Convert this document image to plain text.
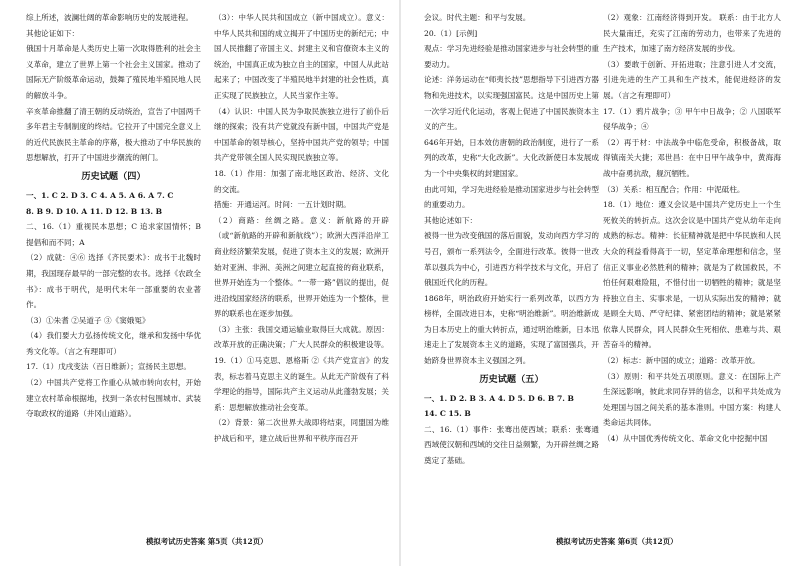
综上所述，波澜壮阔的革命影响历史的发展进程。

其他论证如下：

俄国十月革命是人类历史上第一次取得胜利的社会主义革命，建立了世界上第一个社会主义国家。推动了国际无产阶级革命运动，鼓舞了殖民地半殖民地人民的解放斗争。

辛亥革命推翻了清王朝的反动统治，宣告了中国两千多年君主专制制度的终结。它拉开了中国完全意义上的近代民族民主革命的序幕，极大推动了中华民族的思想解放，打开了中国进步潮流的闸门。

历史试题（四）

一、1. C 2. D 3. C 4. A 5. A 6. A 7. C

8. B 9. D 10. A 11. D 12. B 13. B

二、16.（1）重视民本思想；C 追求家国情怀；B 提倡和而不同；A

（2）成就：④⑥ 选择《齐民要术》：成书于北魏时期，我国现存最早的一部完整的农书。选择《农政全书》：成书于明代，是明代末年一部重要的农业著作。

（3）①朱耆 ②吴道子 ③《窦娥冤》

（4）我们要大力弘扬传统文化，继承和发扬中华优秀文化等。（言之有理即可）

17.（1）戊戌变法（百日维新）；宣扬民主思想。

（2）中国共产党将工作重心从城市转向农村，开始建立农村革命根据地，找到一条农村包围城市、武装夺取政权的道路（井冈山道路）。

（3）：中华人民共和国成立（新中国成立）。意义：中华人民共和国的成立揭开了中国历史的新纪元；中国人民推翻了帝国主义、封建主义和官僚资本主义的统治，中国真正成为独立自主的国家，中国人从此站起来了；中国改变了半殖民地半封建的社会性质，真正实现了民族独立，人民当家作主等。

（4）认识：中国人民为争取民族独立进行了前仆后继的探索；没有共产党就没有新中国，中国共产党是中国革命的领导核心，坚持中国共产党的领导；中国共产党带领全国人民实现民族独立等。

18.（1）作用：加强了南北地区政治、经济、文化的交流。

措施：开通运河。时间：一五计划时期。

（2）商路：丝绸之路。意义：新航路的开辟（或“新航路的开辟和新航线”）；欧洲大西洋沿岸工商业经济繁荣发展，促进了资本主义的发展；欧洲开始对亚洲、非洲、美洲之间建立起直接的商业联系，世界开始连为一个整体。“一带一路”倡议的提出，促进沿线国家经济的联系，世界开始连为一个整体，世界的联系也在逐步加强。

（3）主张：我国交通运输业取得巨大成就。原因：改革开放的正确决策；广大人民群众的积极建设等。

19.（1）①马克思、恩格斯 ②《共产党宣言》的发表，标志着马克思主义的诞生。从此无产阶级有了科学理论的指导，国际共产主义运动从此蓬勃发展；关系：思想解放推动社会变革。

（2）背景：第二次世界大战即将结束，同盟国为维护战后和平，建立战后世界和平秩序而召开

会议。时代主题：和平与发展。

20.（1）[示例]

观点：学习先进经验是推动国家进步与社会转型的重要动力。

论述：洋务运动在“师夷长技”思想指导下引进西方器物和先进技术，以实现强国富民。这是中国历史上第一次学习近代化运动，客观上促进了中国民族资本主义的产生。

646年开始，日本效仿唐朝的政治制度，进行了一系列的改革，史称“大化改新”。大化改新使日本发展成为一个中央集权的封建国家。

由此可知，学习先进经验是推动国家进步与社会转型的重要动力。

其他论述如下：

被得一世为改变俄国的落后面貌，发动向西方学习的号召，颁布一系列法令，全面进行改革。彼得一世改革以强兵为中心，引进西方科学技术与文化，开启了俄国近代化的历程。

1868年，明治政府开始实行一系列改革，以西方为榜样，全面改进日本，史称“明治维新”。明治维新成为日本历史上的重大转折点，通过明治维新，日本迅速走上了发展资本主义的道路，实现了富国强兵，开始跻身世界资本主义强国之列。

历史试题（五）

一、1. D 2. B 3. A 4. D 5. D 6. B 7. B

14. C 15. B

二、16.（1）事件：张骞出使西域；联系：张骞通西域使汉朝和西域的交往日益频繁，为开辟丝绸之路奠定了基础。

（2）观象：江南经济得到开发。 联系：由于北方人民大量南迁，充实了江南的劳动力，也带来了先进的生产技术，加速了南方经济发展的步伐。

（3）要敢于创新、开拓进取；注意引进人才交流，引进先进的生产工具和生产技术，能促进经济的发展。（言之有理即可）

17.（1）鸦片战争；③ 甲午中日战争；② 八国联军侵华战争；④

（2）再于材：中法战争中临危受命，积极备战，取得镇南关大捷；邓世昌：在中日甲午战争中，黄海海战中奋勇抗敌，舰沉牺牲。

（3）关系：相互配合；作用：中泥砥柱。

18.（1）地位：遵义会议是中国共产党历史上一个生死攸关的转折点。这次会议是中国共产党从幼年走向成熟的标志。精神：长征精神就是把中华民族和人民大众的利益看得高于一切，坚定革命理想和信念，坚信正义事业必然胜利的精神；就是为了救国救民，不怕任何艰难险阻，不惜付出一切牺牲的精神；就是坚持独立自主、实事求是，一切从实际出发的精神；就是顾全大局、严守纪律、紧密团结的精神；就是紧紧依靠人民群众，同人民群众生死相依、患难与共、艰苦奋斗的精神。

（2）标志：新中国的成立；道路：改革开放。

（3）原则：和平共处五项原则。意义：在国际上产生深远影响，彼此求同存异的信念，以和平共处成为处理国与国之间关系的基本准则。中国方案：构建人类命运共同体。

（4）从中国优秀传统文化、革命文化中挖掘中国

模拟考试历史答案 第5页（共12页）	模拟考试历史答案 第6页（共12页）
